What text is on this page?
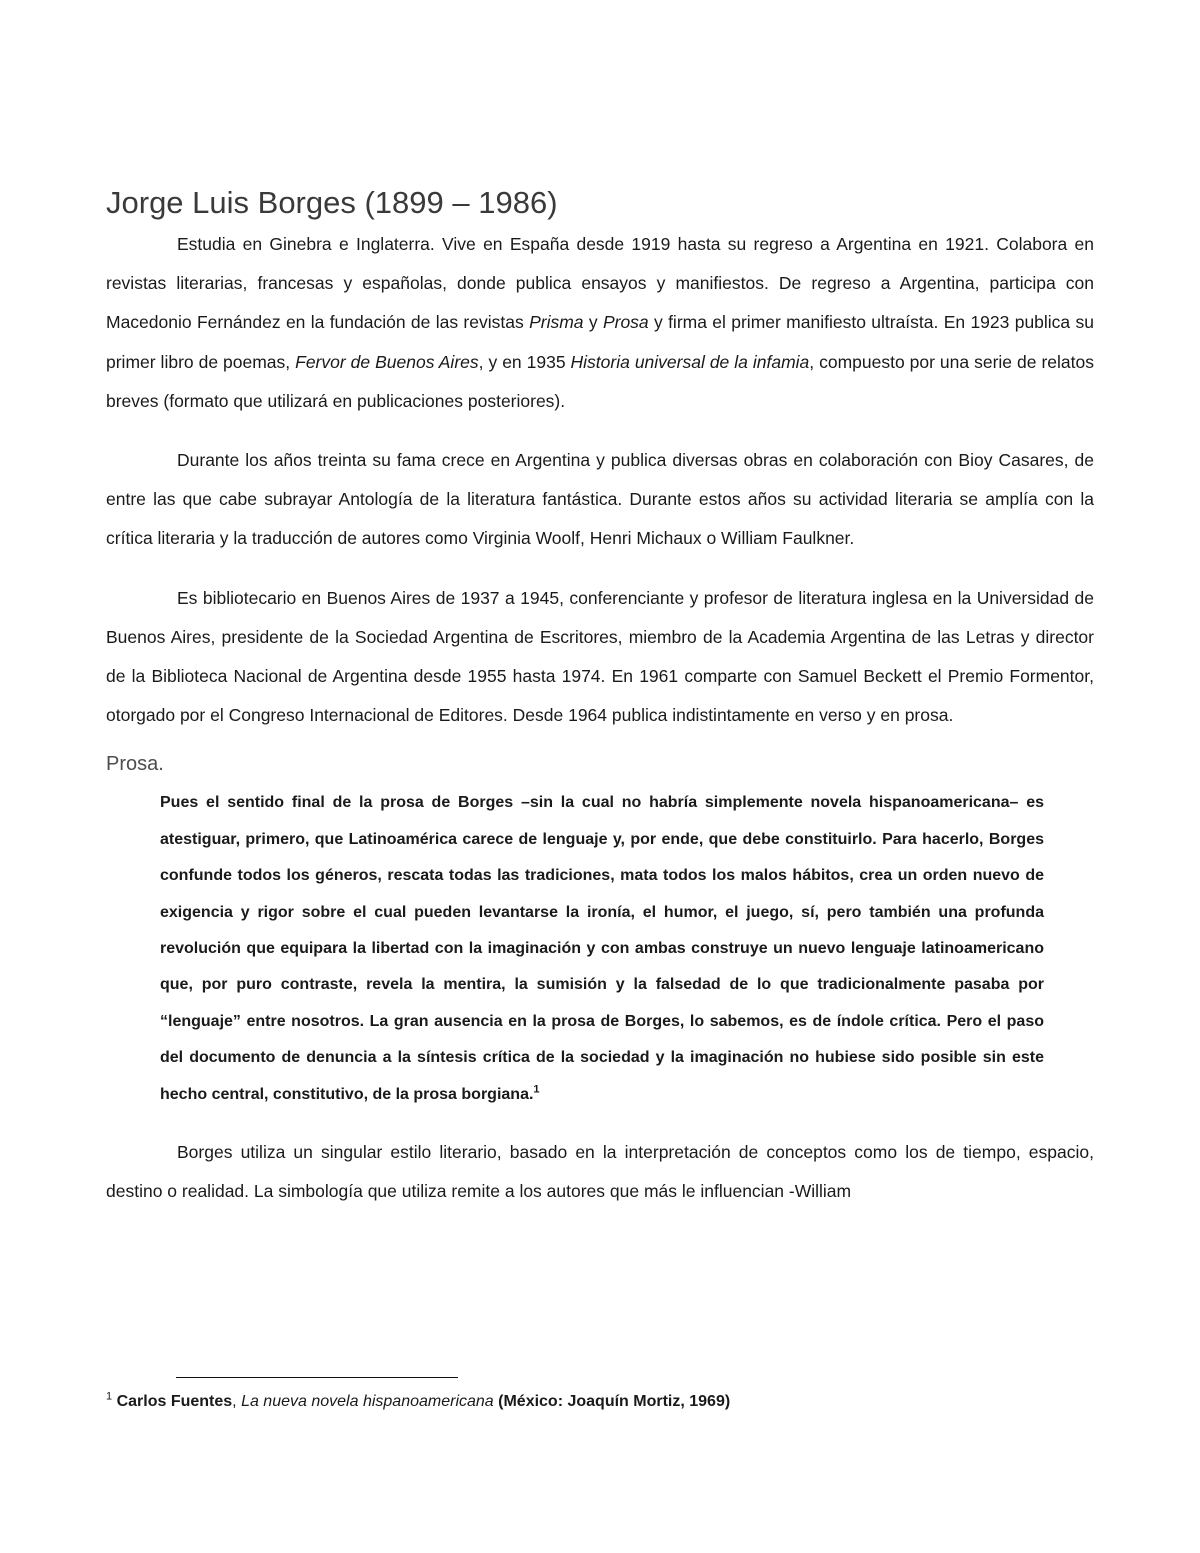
Jorge Luis Borges (1899 – 1986)

Estudia en Ginebra e Inglaterra. Vive en España desde 1919 hasta su regreso a Argentina en 1921. Colabora en revistas literarias, francesas y españolas, donde publica ensayos y manifiestos. De regreso a Argentina, participa con Macedonio Fernández en la fundación de las revistas Prisma y Prosa y firma el primer manifiesto ultraísta. En 1923 publica su primer libro de poemas, Fervor de Buenos Aires, y en 1935 Historia universal de la infamia, compuesto por una serie de relatos breves (formato que utilizará en publicaciones posteriores).

Durante los años treinta su fama crece en Argentina y publica diversas obras en colaboración con Bioy Casares, de entre las que cabe subrayar Antología de la literatura fantástica. Durante estos años su actividad literaria se amplía con la crítica literaria y la traducción de autores como Virginia Woolf, Henri Michaux o William Faulkner.

Es bibliotecario en Buenos Aires de 1937 a 1945, conferenciante y profesor de literatura inglesa en la Universidad de Buenos Aires, presidente de la Sociedad Argentina de Escritores, miembro de la Academia Argentina de las Letras y director de la Biblioteca Nacional de Argentina desde 1955 hasta 1974. En 1961 comparte con Samuel Beckett el Premio Formentor, otorgado por el Congreso Internacional de Editores. Desde 1964 publica indistintamente en verso y en prosa.

Prosa.
Pues el sentido final de la prosa de Borges –sin la cual no habría simplemente novela hispanoamericana– es atestiguar, primero, que Latinoamérica carece de lenguaje y, por ende, que debe constituirlo. Para hacerlo, Borges confunde todos los géneros, rescata todas las tradiciones, mata todos los malos hábitos, crea un orden nuevo de exigencia y rigor sobre el cual pueden levantarse la ironía, el humor, el juego, sí, pero también una profunda revolución que equipara la libertad con la imaginación y con ambas construye un nuevo lenguaje latinoamericano que, por puro contraste, revela la mentira, la sumisión y la falsedad de lo que tradicionalmente pasaba por “lenguaje” entre nosotros. La gran ausencia en la prosa de Borges, lo sabemos, es de índole crítica. Pero el paso del documento de denuncia a la síntesis crítica de la sociedad y la imaginación no hubiese sido posible sin este hecho central, constitutivo, de la prosa borgiana.$^1$

Borges utiliza un singular estilo literario, basado en la interpretación de conceptos como los de tiempo, espacio, destino o realidad. La simbología que utiliza remite a los autores que más le influencian -William

$^1$ Carlos Fuentes, La nueva novela hispanoamericana (México: Joaquín Mortiz, 1969)
